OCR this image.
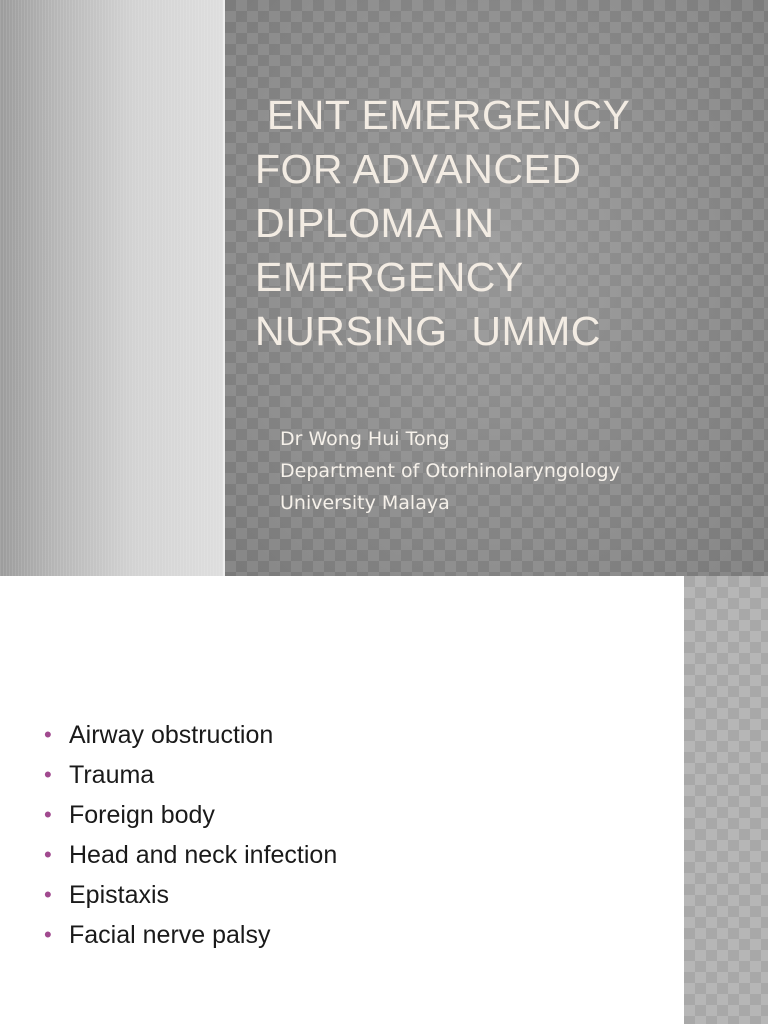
ENT EMERGENCY
FOR ADVANCED
DIPLOMA IN
EMERGENCY
NURSING  UMMC
Dr Wong Hui Tong
Department of Otorhinolaryngology
University Malaya
• Airway obstruction
• Trauma
• Foreign body
• Head and neck infection
• Epistaxis
• Facial nerve palsy
